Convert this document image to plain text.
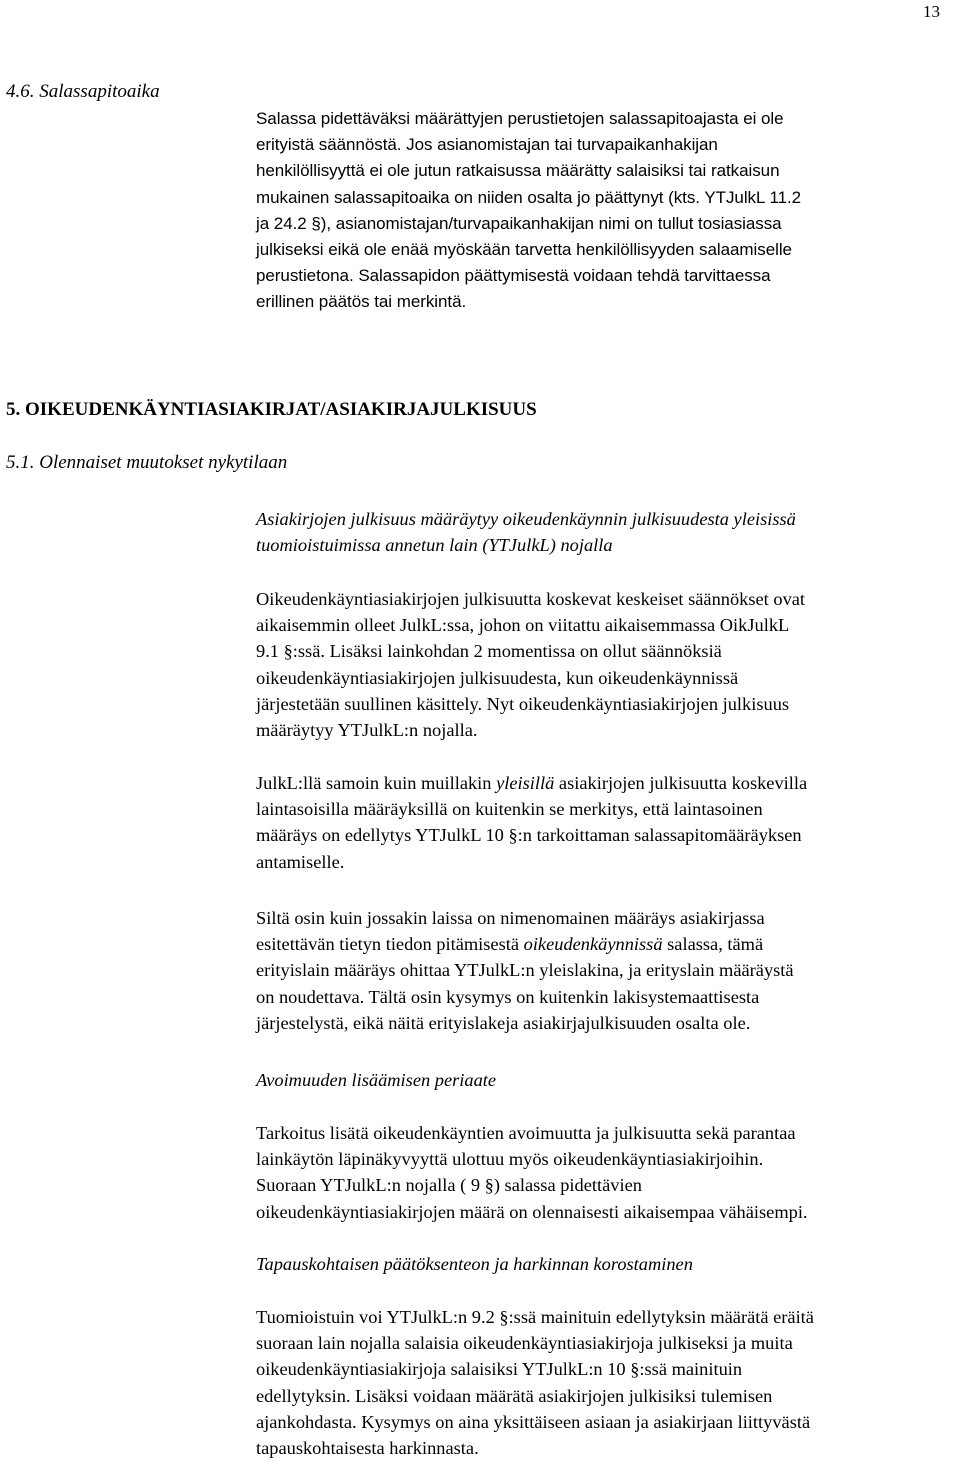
13
4.6. Salassapitoaika

Salassa pidettäväksi määrättyjen perustietojen salassapitoajasta ei ole
erityistä säännöstä. Jos asianomistajan tai turvapaikanhakijan
henkilöllisyyttä ei ole jutun ratkaisussa määrätty salaisiksi tai ratkaisun
mukainen salassapitoaika on niiden osalta jo päättynyt (kts. YTJulkL 11.2
ja 24.2 §), asianomistajan/turvapaikanhakijan nimi on tullut tosiasiassa
julkiseksi eikä ole enää myöskään tarvetta henkilöllisyyden salaamiselle
perustietona. Salassapidon päättymisestä voidaan tehdä tarvittaessa
erillinen päätös tai merkintä.

5. OIKEUDENKÄYNTIASIAKIRJAT/ASIAKIRJAJULKISUUS
5.1. Olennaiset muutokset nykytilaan

Asiakirjojen julkisuus määräytyy oikeudenkäynnin julkisuudesta yleisissä
tuomioistuimissa annetun lain (YTJulkL) nojalla

Oikeudenkäyntiasiakirjojen julkisuutta koskevat keskeiset säännökset ovat
aikaisemmin olleet JulkL:ssa, johon on viitattu aikaisemmassa OikJulkL
9.1 §:ssä. Lisäksi lainkohdan 2 momentissa on ollut säännöksiä
oikeudenkäyntiasiakirjojen julkisuudesta, kun oikeudenkäynnissä
järjestetään suullinen käsittely. Nyt oikeudenkäyntiasiakirjojen julkisuus
määräytyy YTJulkL:n nojalla.

JulkL:llä samoin kuin muillakin yleisillä asiakirjojen julkisuutta koskevilla
laintasoisilla määräyksillä on kuitenkin se merkitys, että laintasoinen
määräys on edellytys YTJulkL 10 §:n tarkoittaman salassapitomääräyksen
antamiselle.

Siltä osin kuin jossakin laissa on nimenomainen määräys asiakirjassa
esitettävän tietyn tiedon pitämisestä oikeudenkäynnissä salassa, tämä
erityislain määräys ohittaa YTJulkL:n yleislakina, ja erityslain määräystä
on noudettava. Tältä osin kysymys on kuitenkin lakisystemaattisesta
järjestelystä, eikä näitä erityislakeja asiakirjajulkisuuden osalta ole.

Avoimuuden lisäämisen periaate

Tarkoitus lisätä oikeudenkäyntien avoimuutta ja julkisuutta sekä parantaa
lainkäytön läpinäkyvyyttä ulottuu myös oikeudenkäyntiasiakirjoihin.
Suoraan YTJulkL:n nojalla ( 9 §) salassa pidettävien
oikeudenkäyntiasiakirjojen määrä on olennaisesti aikaisempaa vähäisempi.

Tapauskohtaisen päätöksenteon ja harkinnan korostaminen

Tuomioistuin voi YTJulkL:n 9.2 §:ssä mainituin edellytyksin määrätä eräitä
suoraan lain nojalla salaisia oikeudenkäyntiasiakirjoja julkiseksi ja muita
oikeudenkäyntiasiakirjoja salaisiksi YTJulkL:n 10 §:ssä mainituin
edellytyksin. Lisäksi voidaan määrätä asiakirjojen julkisiksi tulemisen
ajankohdasta. Kysymys on aina yksittäiseen asiaan ja asiakirjaan liittyvästä
tapauskohtaisesta harkinnasta.
